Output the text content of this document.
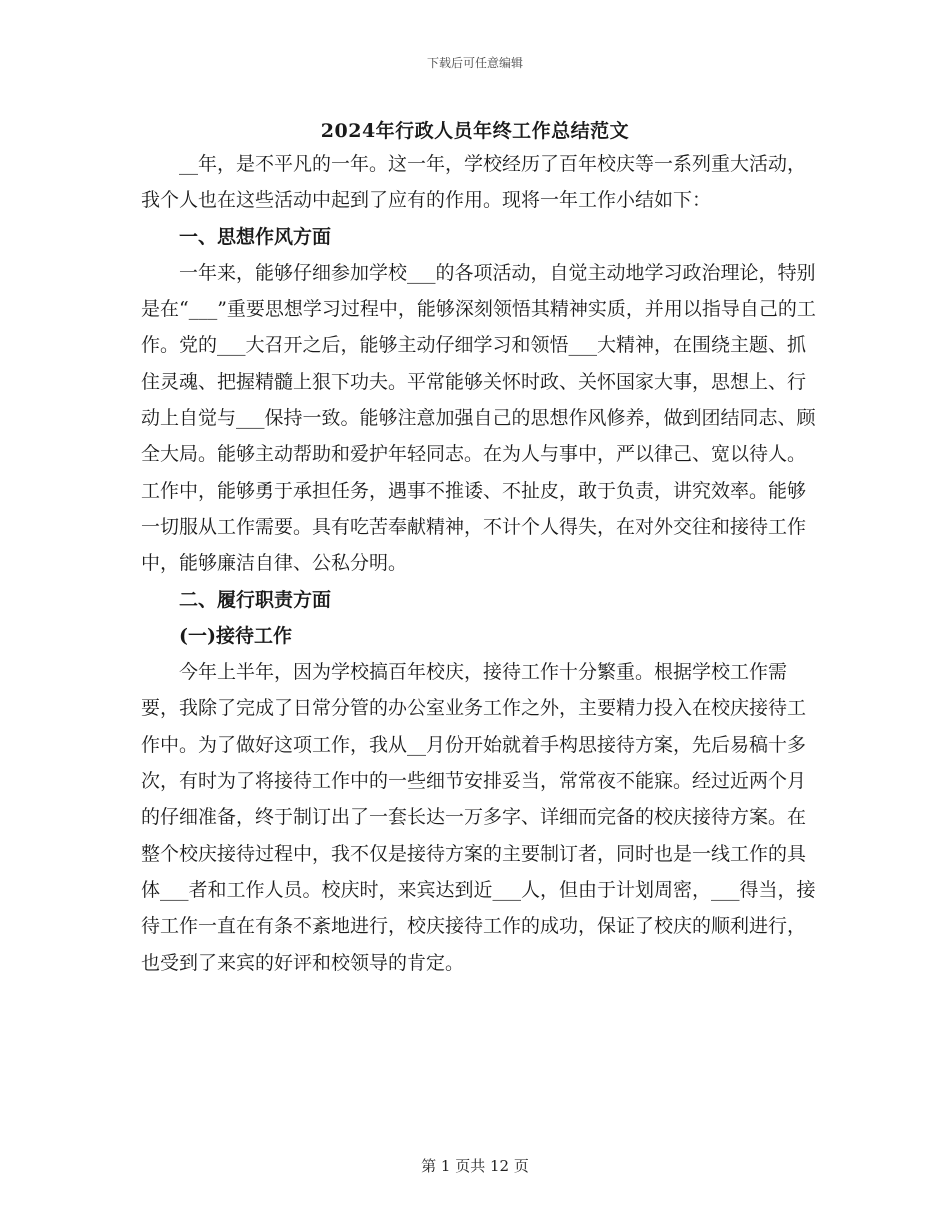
下载后可任意编辑
2024年行政人员年终工作总结范文

__年，是不平凡的一年。这一年，学校经历了百年校庆等一系列重大活动，我个人也在这些活动中起到了应有的作用。现将一年工作小结如下：

一、思想作风方面

一年来，能够仔细参加学校___的各项活动，自觉主动地学习政治理论，特别是在“___”重要思想学习过程中，能够深刻领悟其精神实质，并用以指导自己的工作。党的___大召开之后，能够主动仔细学习和领悟___大精神，在围绕主题、抓住灵魂、把握精髓上狠下功夫。平常能够关怀时政、关怀国家大事，思想上、行动上自觉与___保持一致。能够注意加强自己的思想作风修养，做到团结同志、顾全大局。能够主动帮助和爱护年轻同志。在为人与事中，严以律己、宽以待人。工作中，能够勇于承担任务，遇事不推诿、不扯皮，敢于负责，讲究效率。能够一切服从工作需要。具有吃苦奉献精神，不计个人得失，在对外交往和接待工作中，能够廉洁自律、公私分明。

二、履行职责方面
(一)接待工作

今年上半年，因为学校搞百年校庆，接待工作十分繁重。根据学校工作需要，我除了完成了日常分管的办公室业务工作之外，主要精力投入在校庆接待工作中。为了做好这项工作，我从__月份开始就着手构思接待方案，先后易稿十多次，有时为了将接待工作中的一些细节安排妥当，常常夜不能寐。经过近两个月的仔细准备，终于制订出了一套长达一万多字、详细而完备的校庆接待方案。在整个校庆接待过程中，我不仅是接待方案的主要制订者，同时也是一线工作的具体___者和工作人员。校庆时，来宾达到近___人，但由于计划周密，___得当，接待工作一直在有条不紊地进行，校庆接待工作的成功，保证了校庆的顺利进行，也受到了来宾的好评和校领导的肯定。

第 1 页共 12 页
